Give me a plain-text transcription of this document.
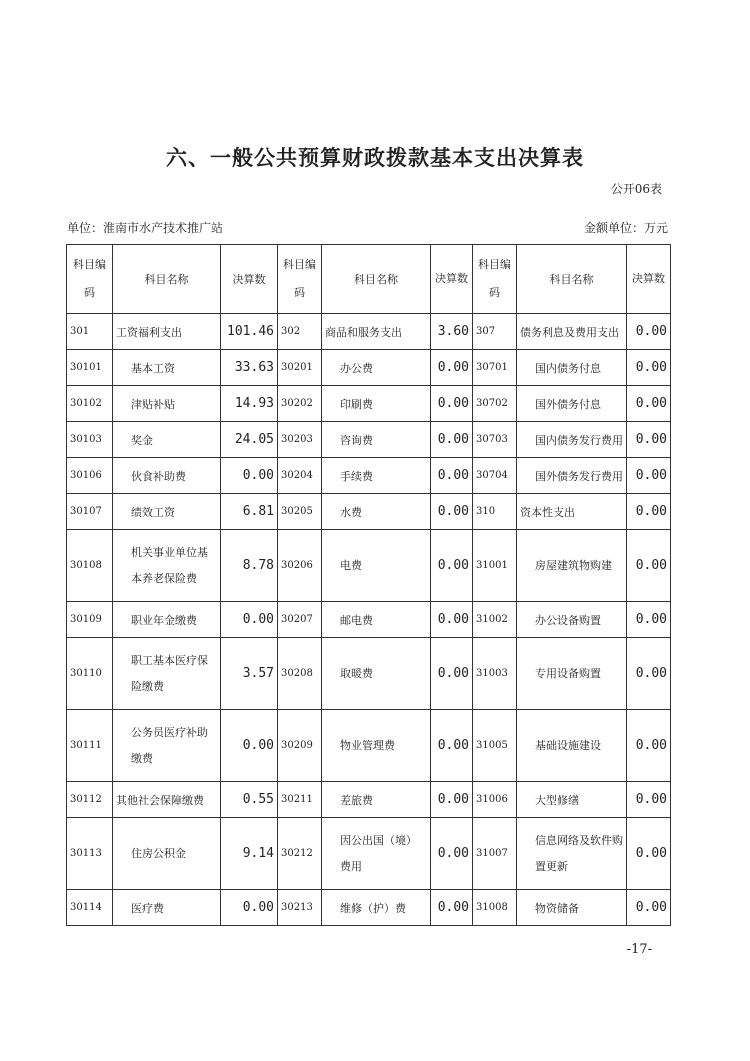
六、一般公共预算财政拨款基本支出决算表
公开06表
单位：淮南市水产技术推广站	金额单位：万元
科目编码	科目名称	决算数	科目编码	科目名称	决算数	科目编码	科目名称	决算数
301	工资福利支出	101.46	302	商品和服务支出	3.60	307	债务利息及费用支出	0.00
30101	基本工资	33.63	30201	办公费	0.00	30701	国内债务付息	0.00
30102	津贴补贴	14.93	30202	印刷费	0.00	30702	国外债务付息	0.00
30103	奖金	24.05	30203	咨询费	0.00	30703	国内债务发行费用	0.00
30106	伙食补助费	0.00	30204	手续费	0.00	30704	国外债务发行费用	0.00
30107	绩效工资	6.81	30205	水费	0.00	310	资本性支出	0.00
30108	机关事业单位基本养老保险费	8.78	30206	电费	0.00	31001	房屋建筑物购建	0.00
30109	职业年金缴费	0.00	30207	邮电费	0.00	31002	办公设备购置	0.00
30110	职工基本医疗保险缴费	3.57	30208	取暖费	0.00	31003	专用设备购置	0.00
30111	公务员医疗补助缴费	0.00	30209	物业管理费	0.00	31005	基础设施建设	0.00
30112	其他社会保障缴费	0.55	30211	差旅费	0.00	31006	大型修缮	0.00
30113	住房公积金	9.14	30212	因公出国（境）费用	0.00	31007	信息网络及软件购置更新	0.00
30114	医疗费	0.00	30213	维修（护）费	0.00	31008	物资储备	0.00
-17-
